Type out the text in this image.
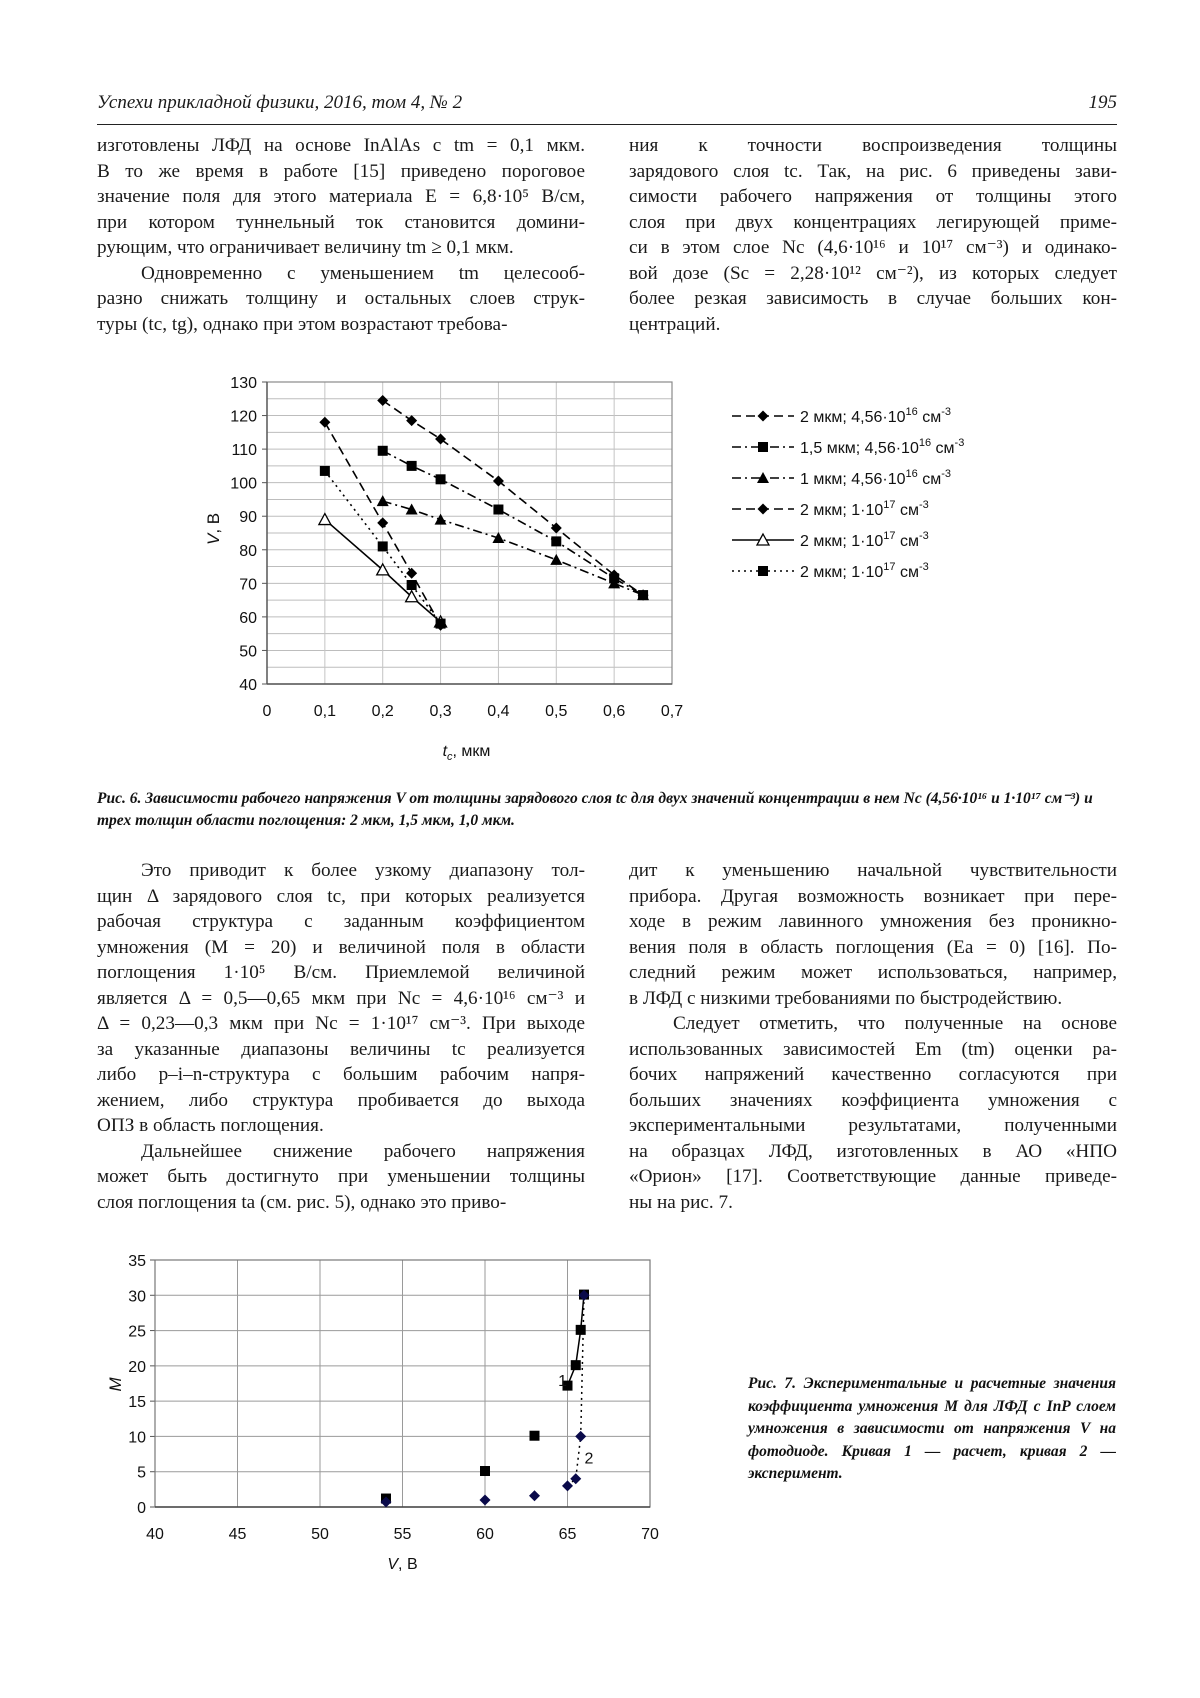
Успехи прикладной физики, 2016, том 4, № 2	195
изготовлены ЛФД на основе InAlAs с tm = 0,1 мкм.
В то же время в работе [15] приведено пороговое
значение поля для этого материала E = 6,8·10⁵ В/см,
при котором туннельный ток становится домини-
рующим, что ограничивает величину tm ≥ 0,1 мкм.
Одновременно с уменьшением tm целесооб-
разно снижать толщину и остальных слоев струк-
туры (tc, tg), однако при этом возрастают требова-
ния к точности воспроизведения толщины
зарядового слоя tc. Так, на рис. 6 приведены зави-
симости рабочего напряжения от толщины этого
слоя при двух концентрациях легирующей приме-
си в этом слое Nc (4,6·10¹⁶ и 10¹⁷ см⁻³) и одинако-
вой дозе (Sc = 2,28·10¹² см⁻²), из которых следует
более резкая зависимость в случае больших кон-
центраций.
40
50
60
70
80
90
100
110
120
130
0	0,1 0,2 0,3 0,4 0,5 0,6 0,7
V, В
$t_c$, мкм
2 мкм; $4,56\cdot 10^{16}$ $см^{-3}$
1,5 мкм; $4,56\cdot 10^{16}$ $см^{-3}$
1 мкм; $4,56\cdot 10^{16}$ $см^{-3}$
2 мкм; $1\cdot 10^{17}$ $см^{-3}$
2 мкм; $1\cdot 10^{17}$ $см^{-3}$
2 мкм; $1\cdot 10^{17}$ $см^{-3}$
Рис. 6. Зависимости рабочего напряжения V от толщины зарядового слоя tc для двух значений концентрации в нем Nc (4,56·10¹⁶ и 1·10¹⁷ см⁻³) и трех толщин области поглощения: 2 мкм, 1,5 мкм, 1,0 мкм.
Это приводит к более узкому диапазону тол-
щин Δ зарядового слоя tc, при которых реализуется
рабочая структура с заданным коэффициентом
умножения (M = 20) и величиной поля в области
поглощения 1·10⁵ В/см. Приемлемой величиной
является Δ = 0,5—0,65 мкм при Nc = 4,6·10¹⁶ см⁻³ и
Δ = 0,23—0,3 мкм при Nc = 1·10¹⁷ см⁻³. При выходе
за указанные диапазоны величины tc реализуется
либо p–i–n-структура с большим рабочим напря-
жением, либо структура пробивается до выхода
ОПЗ в область поглощения.
Дальнейшее снижение рабочего напряжения
может быть достигнуто при уменьшении толщины
слоя поглощения ta (см. рис. 5), однако это приво-
дит к уменьшению начальной чувствительности
прибора. Другая возможность возникает при пере-
ходе в режим лавинного умножения без проникно-
вения поля в область поглощения (Ea = 0) [16]. По-
следний режим может использоваться, например,
в ЛФД с низкими требованиями по быстродействию.
Следует отметить, что полученные на основе
использованных зависимостей Em (tm) оценки ра-
бочих напряжений качественно согласуются при
больших значениях коэффициента умножения с
экспериментальными результатами, полученными
на образцах ЛФД, изготовленных в АО «НПО
«Орион» [17]. Соответствующие данные приведе-
ны на рис. 7.
0
5
10
15
20
25
30
35
40	45	50	55	60	65	70
M
V, В
1
2
Рис. 7. Экспериментальные и расчетные значения коэффициента умножения M для ЛФД с InP слоем умножения в зависимости от напряжения V на фотодиоде. Кривая 1 — расчет, кривая 2 — эксперимент.
